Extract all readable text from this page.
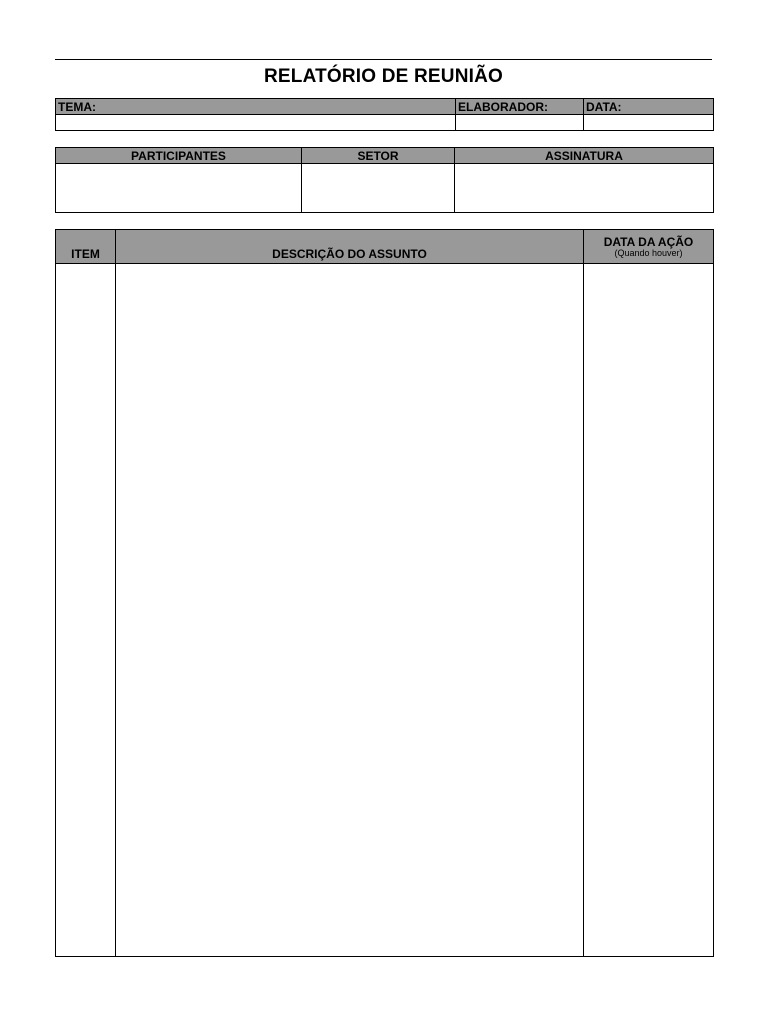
RELATÓRIO DE REUNIÃO
TEMA:	ELABORADOR:	DATA:

PARTICIPANTES	SETOR	ASSINATURA

ITEM	DESCRIÇÃO DO ASSUNTO	DATA DA AÇÃO
(Quando houver)
